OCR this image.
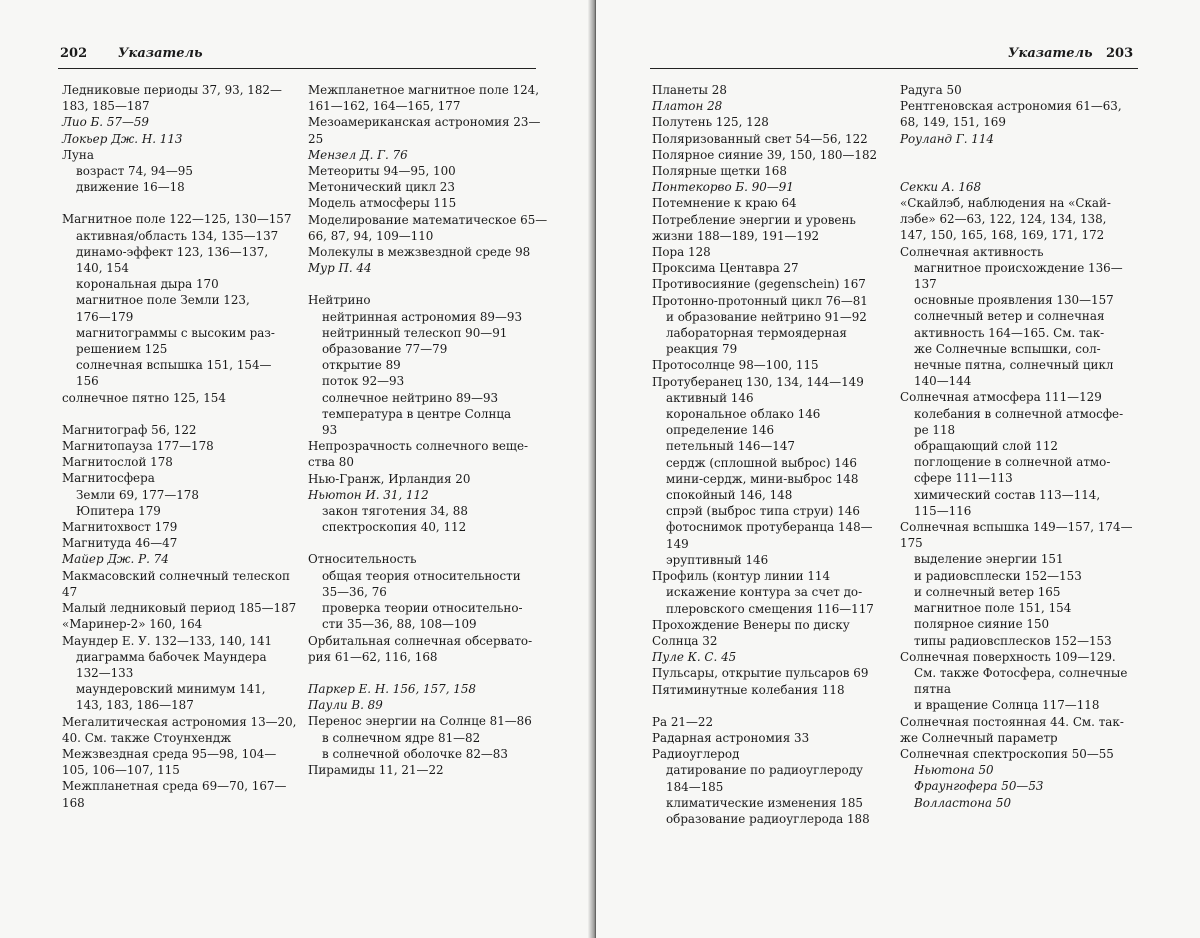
202 Указатель
Ледниковые периоды 37, 93, 182—
183, 185—187
Лио Б. 57—59
Локьер Дж. Н. 113
Луна
возраст 74, 94—95
движение 16—18
Магнитное поле 122—125, 130—157
активная/область 134, 135—137
динамо-эффект 123, 136—137,
140, 154
корональная дыра 170
магнитное поле Земли 123,
176—179
магнитограммы с высоким раз-
решением 125
солнечная вспышка 151, 154—
156
солнечное пятно 125, 154
Магнитограф 56, 122
Магнитопауза 177—178
Магнитослой 178
Магнитосфера
Земли 69, 177—178
Юпитера 179
Магнитохвост 179
Магнитуда 46—47
Майер Дж. Р. 74
Макмасовский солнечный телескоп
47
Малый ледниковый период 185—187
«Маринер-2» 160, 164
Маундер Е. У. 132—133, 140, 141
диаграмма бабочек Маундера
132—133
маундеровский минимум 141,
143, 183, 186—187
Мегалитическая астрономия 13—20,
40. См. также Стоунхендж
Межзвездная среда 95—98, 104—
105, 106—107, 115
Межпланетная среда 69—70, 167—
168
Межпланетное магнитное поле 124,
161—162, 164—165, 177
Мезоамериканская астрономия 23—
25
Мензел Д. Г. 76
Метеориты 94—95, 100
Метонический цикл 23
Модель атмосферы 115
Моделирование математическое 65—
66, 87, 94, 109—110
Молекулы в межзвездной среде 98
Мур П. 44
Нейтрино
нейтринная астрономия 89—93
нейтринный телескоп 90—91
образование 77—79
открытие 89
поток 92—93
солнечное нейтрино 89—93
температура в центре Солнца
93
Непрозрачность солнечного веще-
ства 80
Нью-Гранж, Ирландия 20
Ньютон И. 31, 112
закон тяготения 34, 88
спектроскопия 40, 112
Относительность
общая теория относительности
35—36, 76
проверка теории относительно-
сти 35—36, 88, 108—109
Орбитальная солнечная обсервато-
рия 61—62, 116, 168
Паркер Е. Н. 156, 157, 158
Паули В. 89
Перенос энергии на Солнце 81—86
в солнечном ядре 81—82
в солнечной оболочке 82—83
Пирамиды 11, 21—22
Указатель 203
Планеты 28
Платон 28
Полутень 125, 128
Поляризованный свет 54—56, 122
Полярное сияние 39, 150, 180—182
Полярные щетки 168
Понтекорво Б. 90—91
Потемнение к краю 64
Потребление энергии и уровень
жизни 188—189, 191—192
Пора 128
Проксима Центавра 27
Противосияние (gegenschein) 167
Протонно-протонный цикл 76—81
и образование нейтрино 91—92
лабораторная термоядерная
реакция 79
Протосолнце 98—100, 115
Протуберанец 130, 134, 144—149
активный 146
корональное облако 146
определение 146
петельный 146—147
сердж (сплошной выброс) 146
мини-сердж, мини-выброс 148
спокойный 146, 148
спрэй (выброс типа струи) 146
фотоснимок протуберанца 148—
149
эруптивный 146
Профиль (контур линии 114
искажение контура за счет до-
плеровского смещения 116—117
Прохождение Венеры по диску
Солнца 32
Пуле К. С. 45
Пульсары, открытие пульсаров 69
Пятиминутные колебания 118
Ра 21—22
Радарная астрономия 33
Радиоуглерод
датирование по радиоуглероду
184—185
климатические изменения 185
образование радиоуглерода 188
Радуга 50
Рентгеновская астрономия 61—63,
68, 149, 151, 169
Роуланд Г. 114
Секки А. 168
«Скайлэб, наблюдения на «Скай-
лэбе» 62—63, 122, 124, 134, 138,
147, 150, 165, 168, 169, 171, 172
Солнечная активность
магнитное происхождение 136—
137
основные проявления 130—157
солнечный ветер и солнечная
активность 164—165. См. так-
же Солнечные вспышки, сол-
нечные пятна, солнечный цикл
140—144
Солнечная атмосфера 111—129
колебания в солнечной атмосфе-
ре 118
обращающий слой 112
поглощение в солнечной атмо-
сфере 111—113
химический состав 113—114,
115—116
Солнечная вспышка 149—157, 174—
175
выделение энергии 151
и радиовсплески 152—153
и солнечный ветер 165
магнитное поле 151, 154
полярное сияние 150
типы радиовсплесков 152—153
Солнечная поверхность 109—129.
См. также Фотосфера, солнечные
пятна
и вращение Солнца 117—118
Солнечная постоянная 44. См. так-
же Солнечный параметр
Солнечная спектроскопия 50—55
Ньютона 50
Фраунгофера 50—53
Волластона 50
